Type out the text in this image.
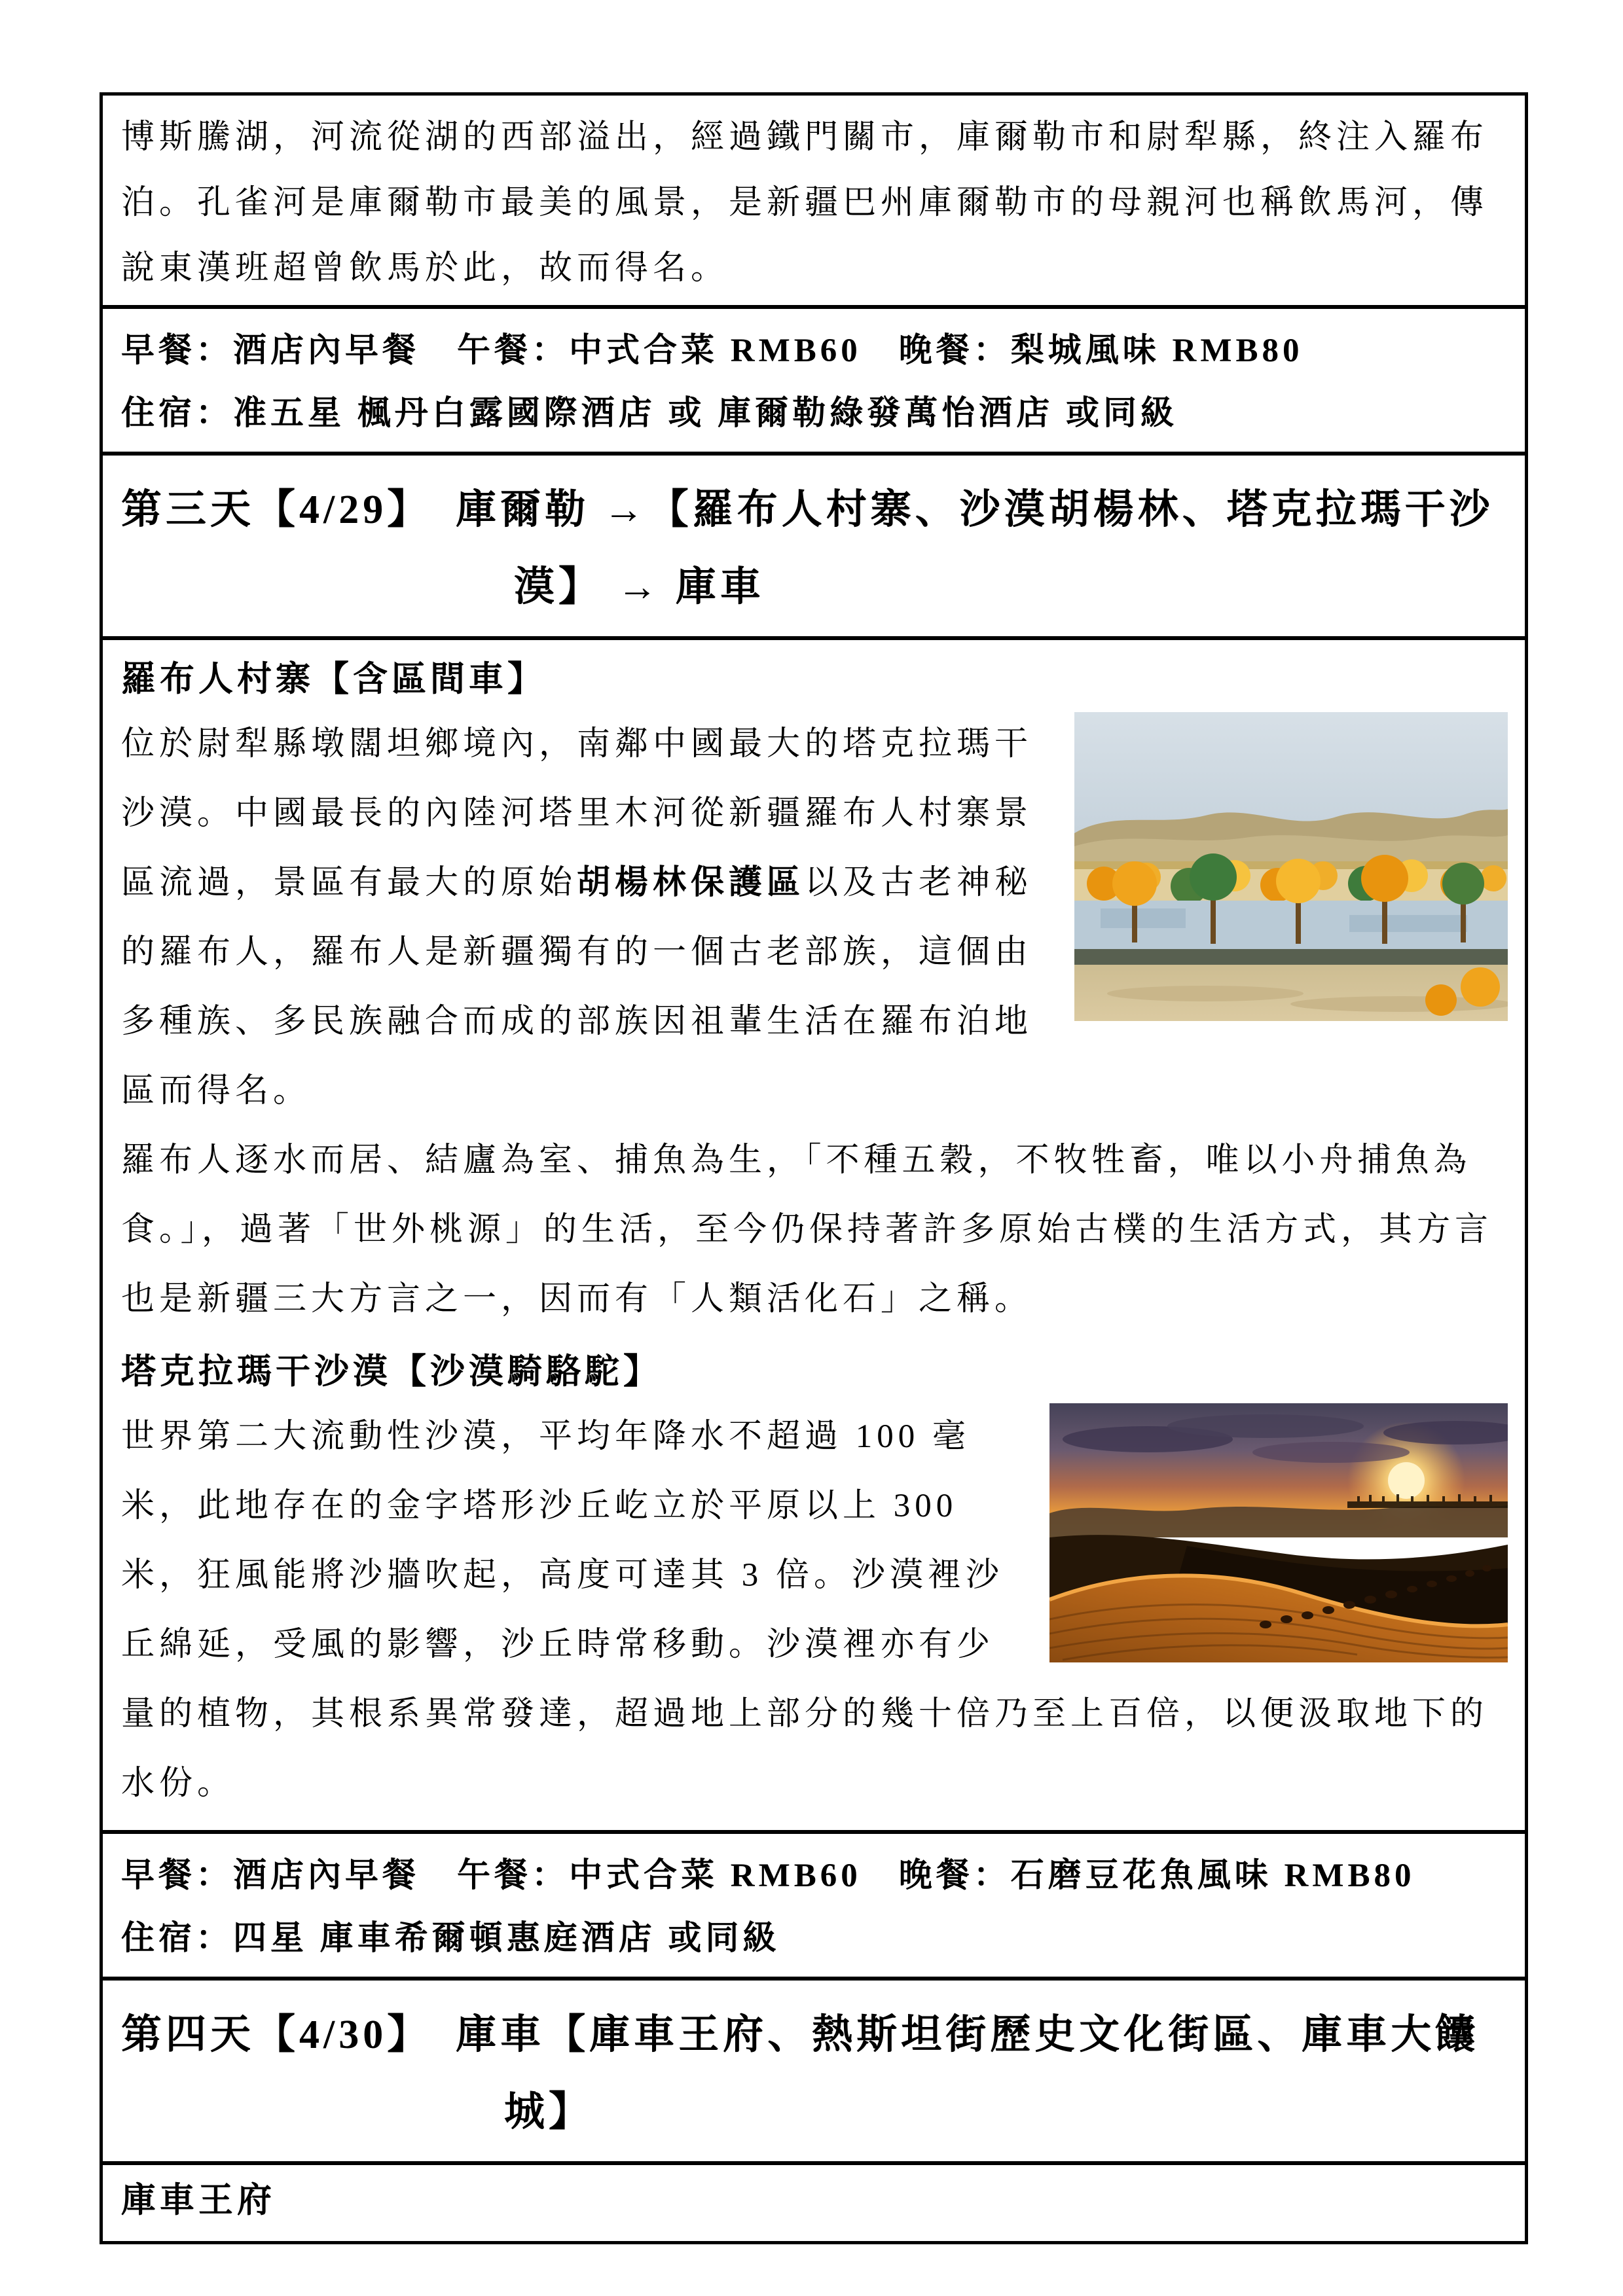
博斯騰湖，河流從湖的西部溢出，經過鐵門關市，庫爾勒市和尉犁縣，終注入羅布泊。孔雀河是庫爾勒市最美的風景，是新疆巴州庫爾勒市的母親河也稱飲馬河，傳說東漢班超曾飲馬於此，故而得名。

早餐：酒店內早餐　午餐：中式合菜 RMB60　晚餐：梨城風味 RMB80
住宿：准五星 楓丹白露國際酒店 或 庫爾勒綠發萬怡酒店 或同級
第三天【4/29】　庫爾勒 →【羅布人村寨、沙漠胡楊林、塔克拉瑪干沙
漠】 → 庫車
羅布人村寨【含區間車】

位於尉犁縣墩闊坦鄉境內，南鄰中國最大的塔克拉瑪干沙漠。中國最長的內陸河塔里木河從新疆羅布人村寨景區流過，景區有最大的原始胡楊林保護區以及古老神秘的羅布人，羅布人是新疆獨有的一個古老部族，這個由多種族、多民族融合而成的部族因祖輩生活在羅布泊地區而得名。

羅布人逐水而居、結廬為室、捕魚為生，「不種五穀，不牧牲畜，唯以小舟捕魚為食。」，過著「世外桃源」的生活，至今仍保持著許多原始古樸的生活方式，其方言也是新疆三大方言之一，因而有「人類活化石」之稱。

塔克拉瑪干沙漠【沙漠騎駱駝】

世界第二大流動性沙漠，平均年降水不超過 100 毫米，此地存在的金字塔形沙丘屹立於平原以上 300 米，狂風能將沙牆吹起，高度可達其 3 倍。沙漠裡沙丘綿延，受風的影響，沙丘時常移動。沙漠裡亦有少量的植物，其根系異常發達，超過地上部分的幾十倍乃至上百倍，以便汲取地下的水份。

早餐：酒店內早餐　午餐：中式合菜 RMB60　晚餐：石磨豆花魚風味 RMB80
住宿：四星 庫車希爾頓惠庭酒店 或同級
第四天【4/30】　庫車【庫車王府、熱斯坦街歷史文化街區、庫車大饢
城】
庫車王府
